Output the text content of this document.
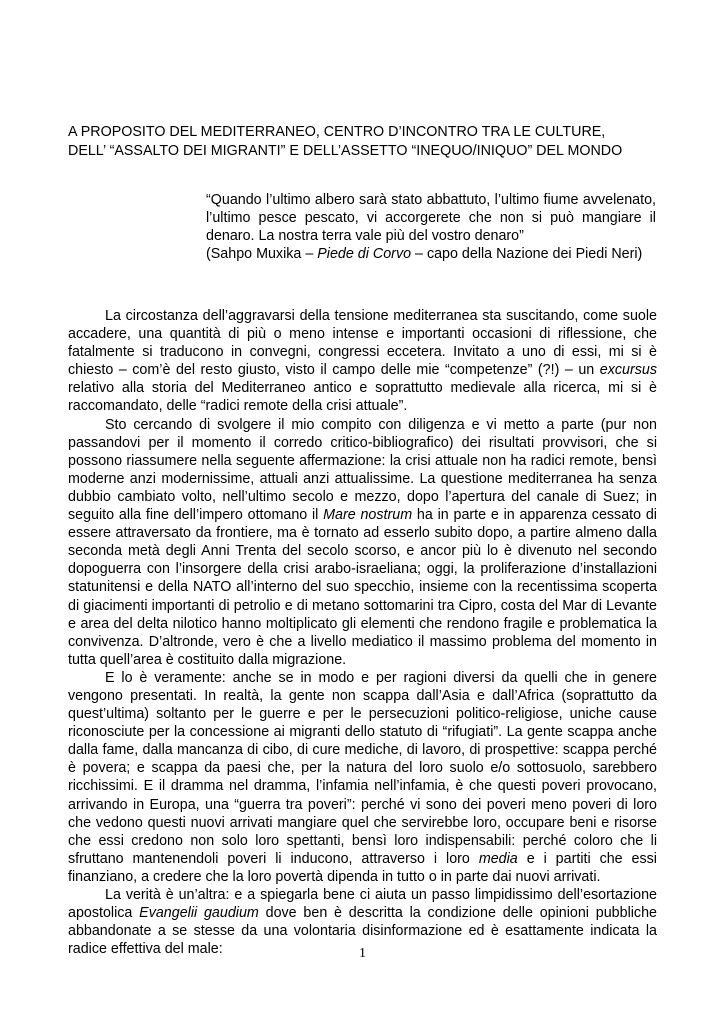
A PROPOSITO DEL MEDITERRANEO, CENTRO D’INCONTRO TRA LE CULTURE,
DELL’ “ASSALTO DEI MIGRANTI” E DELL’ASSETTO “INEQUO/INIQUO” DEL MONDO
“Quando l’ultimo albero sarà stato abbattuto, l’ultimo fiume avvelenato, l’ultimo pesce pescato, vi accorgerete che non si può mangiare il denaro. La nostra terra vale più del vostro denaro”
(Sahpo Muxika – Piede di Corvo – capo della Nazione dei Piedi Neri)

La circostanza dell’aggravarsi della tensione mediterranea sta suscitando, come suole accadere, una quantità di più o meno intense e importanti occasioni di riflessione, che fatalmente si traducono in convegni, congressi eccetera. Invitato a uno di essi, mi si è chiesto – com’è del resto giusto, visto il campo delle mie “competenze” (?!) – un excursus relativo alla storia del Mediterraneo antico e soprattutto medievale alla ricerca, mi si è raccomandato, delle “radici remote della crisi attuale”.

Sto cercando di svolgere il mio compito con diligenza e vi metto a parte (pur non passandovi per il momento il corredo critico-bibliografico) dei risultati provvisori, che si possono riassumere nella seguente affermazione: la crisi attuale non ha radici remote, bensì moderne anzi modernissime, attuali anzi attualissime. La questione mediterranea ha senza dubbio cambiato volto, nell’ultimo secolo e mezzo, dopo l’apertura del canale di Suez; in seguito alla fine dell’impero ottomano il Mare nostrum ha in parte e in apparenza cessato di essere attraversato da frontiere, ma è tornato ad esserlo subito dopo, a partire almeno dalla seconda metà degli Anni Trenta del secolo scorso, e ancor più lo è divenuto nel secondo dopoguerra con l’insorgere della crisi arabo-israeliana; oggi, la proliferazione d’installazioni statunitensi e della NATO all’interno del suo specchio, insieme con la recentissima scoperta di giacimenti importanti di petrolio e di metano sottomarini tra Cipro, costa del Mar di Levante e area del delta nilotico hanno moltiplicato gli elementi che rendono fragile e problematica la convivenza. D’altronde, vero è che a livello mediatico il massimo problema del momento in tutta quell’area è costituito dalla migrazione.

E lo è veramente: anche se in modo e per ragioni diversi da quelli che in genere vengono presentati. In realtà, la gente non scappa dall’Asia e dall’Africa (soprattutto da quest’ultima) soltanto per le guerre e per le persecuzioni politico-religiose, uniche cause riconosciute per la concessione ai migranti dello statuto di “rifugiati”. La gente scappa anche dalla fame, dalla mancanza di cibo, di cure mediche, di lavoro, di prospettive: scappa perché è povera; e scappa da paesi che, per la natura del loro suolo e/o sottosuolo, sarebbero ricchissimi. E il dramma nel dramma, l’infamia nell’infamia, è che questi poveri provocano, arrivando in Europa, una “guerra tra poveri”: perché vi sono dei poveri meno poveri di loro che vedono questi nuovi arrivati mangiare quel che servirebbe loro, occupare beni e risorse che essi credono non solo loro spettanti, bensì loro indispensabili: perché coloro che li sfruttano mantenendoli poveri li inducono, attraverso i loro media e i partiti che essi finanziano, a credere che la loro povertà dipenda in tutto o in parte dai nuovi arrivati.

La verità è un’altra: e a spiegarla bene ci aiuta un passo limpidissimo dell’esortazione apostolica Evangelii gaudium dove ben è descritta la condizione delle opinioni pubbliche abbandonate a se stesse da una volontaria disinformazione ed è esattamente indicata la radice effettiva del male:	1
